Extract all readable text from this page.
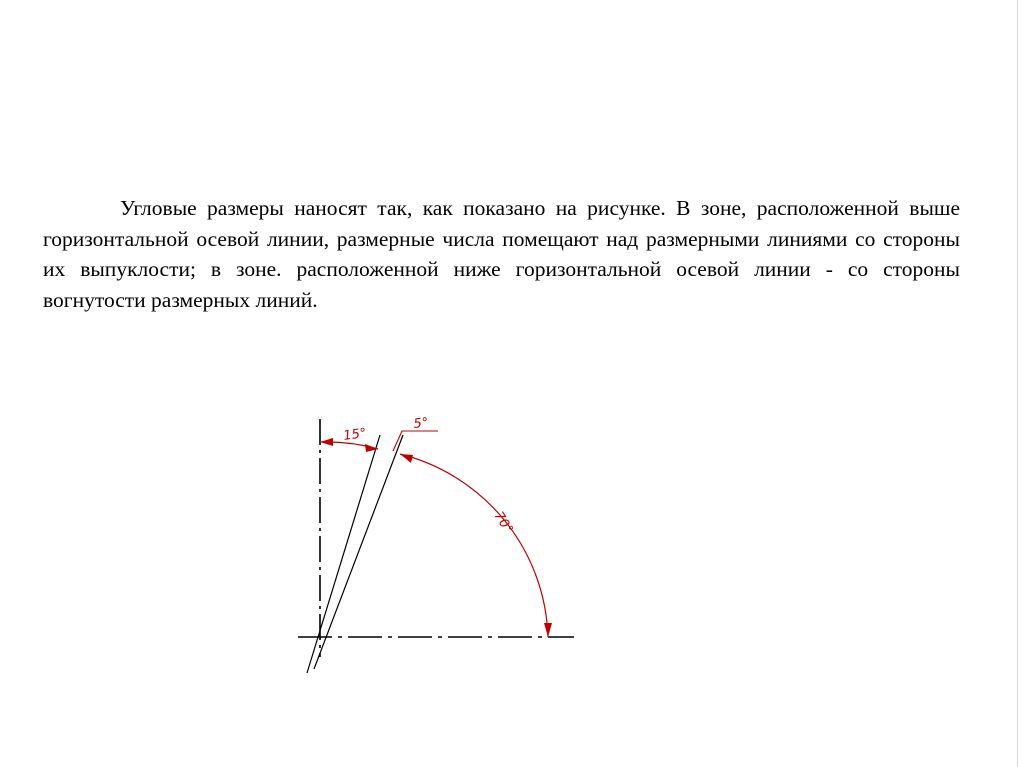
Угловые размеры наносят так, как показано на рисунке. В зоне, расположенной выше горизонтальной осевой линии, размерные числа помещают над размерными линиями со стороны их выпуклости; в зоне. расположенной ниже горизонтальной осевой линии - со стороны вогнутости размерных линий.

15°
5°
70°
